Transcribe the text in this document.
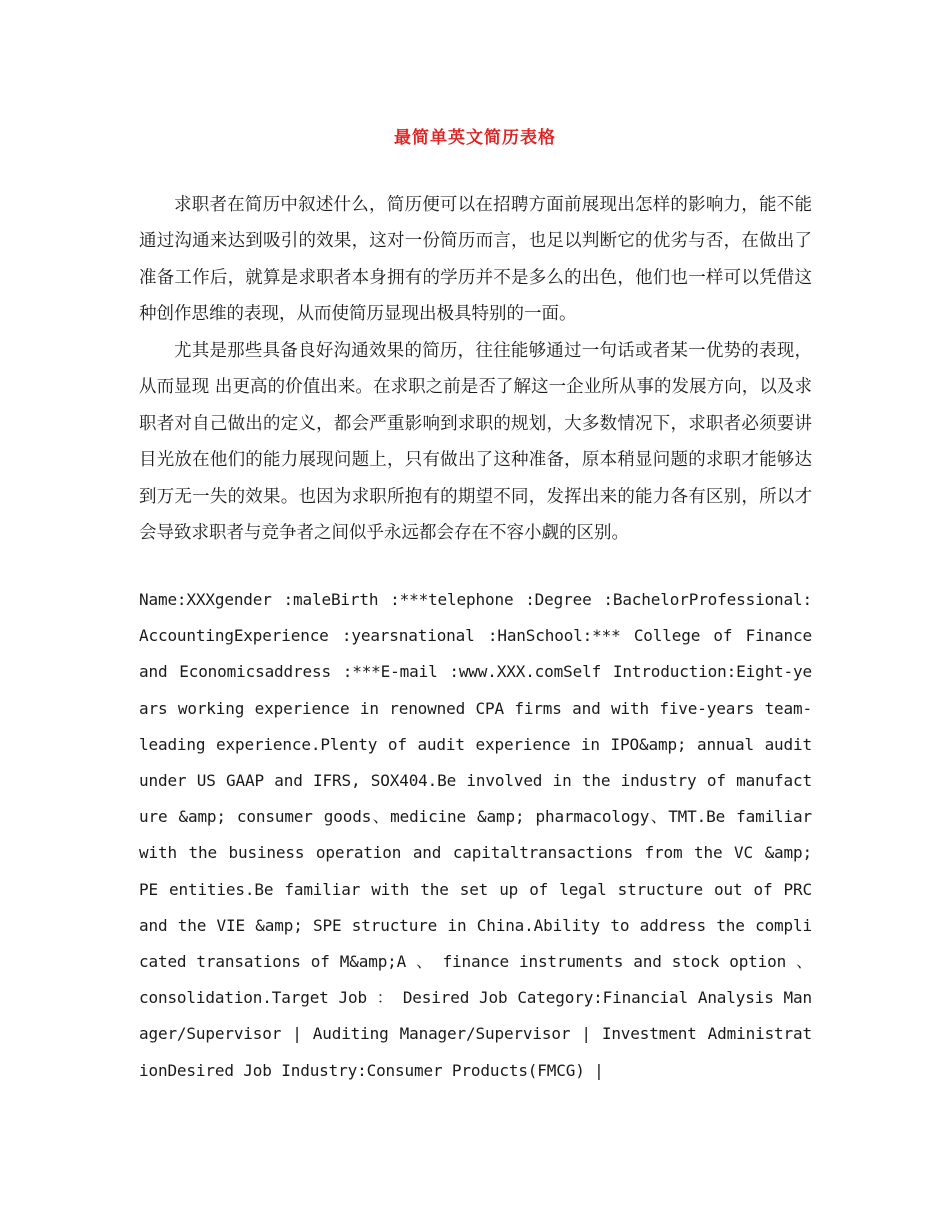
最简单英文简历表格

求职者在简历中叙述什么，简历便可以在招聘方面前展现出怎样的影响力，能不能通过沟通来达到吸引的效果，这对一份简历而言，也足以判断它的优劣与否，在做出了准备工作后，就算是求职者本身拥有的学历并不是多么的出色，他们也一样可以凭借这种创作思维的表现，从而使简历显现出极具特别的一面。

尤其是那些具备良好沟通效果的简历，往往能够通过一句话或者某一优势的表现，从而显现 出更高的价值出来。在求职之前是否了解这一企业所从事的发展方向，以及求职者对自己做出的定义，都会严重影响到求职的规划，大多数情况下，求职者必须要讲目光放在他们的能力展现问题上，只有做出了这种准备，原本稍显问题的求职才能够达到万无一失的效果。也因为求职所抱有的期望不同，发挥出来的能力各有区别，所以才会导致求职者与竞争者之间似乎永远都会存在不容小觑的区别。

Name:XXXgender :maleBirth :***telephone :Degree :BachelorProfessional:AccountingExperience :yearsnational :HanSchool:*** College of Finance and Economicsaddress :***E-mail :www.XXX.comSelf Introduction:Eight-years working experience in renowned CPA firms and with five-years team-leading experience.Plenty of audit experience in IPO&amp; annual audit under US GAAP and IFRS, SOX404.Be involved in the industry of manufacture &amp; consumer goods、medicine &amp; pharmacology、TMT.Be familiar with the business operation and capitaltransactions from the VC &amp; PE entities.Be familiar with the set up of legal structure out of PRC and the VIE &amp; SPE structure in China.Ability to address the complicated transations of M&amp;A 、 finance instruments and stock option 、 consolidation.Target Job ： Desired Job Category:Financial Analysis Manager/Supervisor | Auditing Manager/Supervisor | Investment AdministrationDesired Job Industry:Consumer Products(FMCG) |
